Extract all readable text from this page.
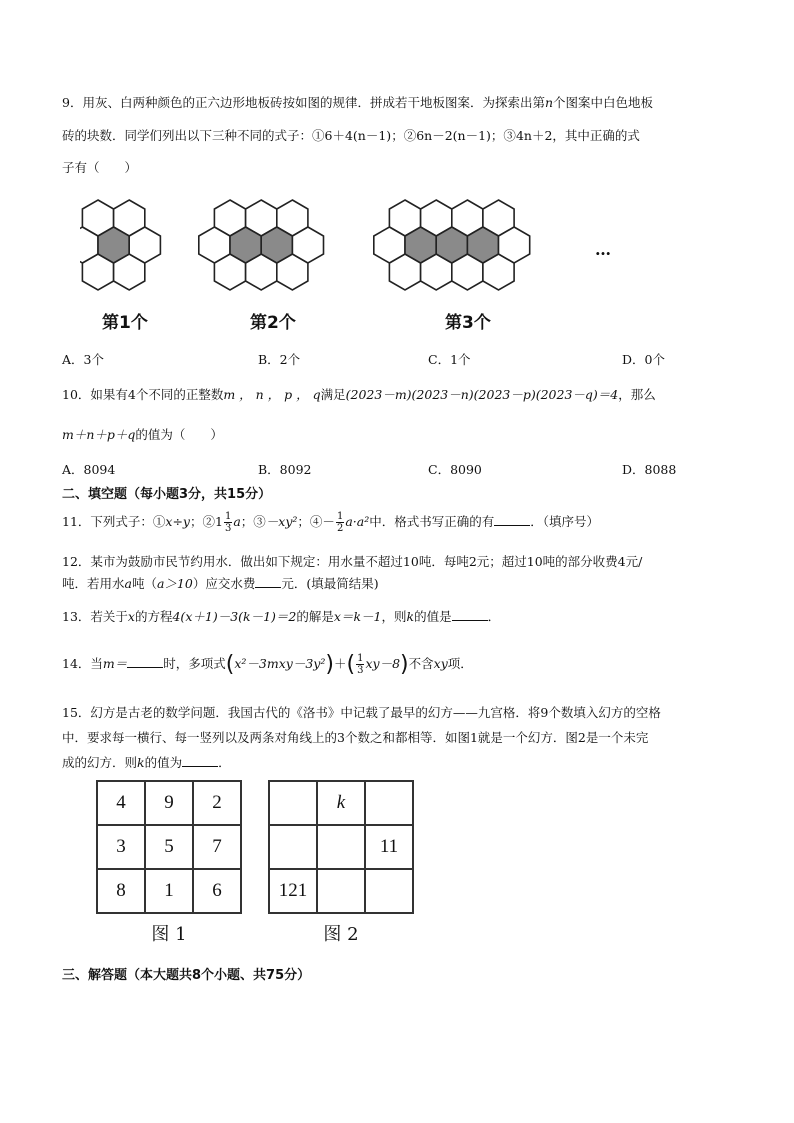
9．用灰、白两种颜色的正六边形地板砖按如图的规律．拼成若干地板图案．为探索出第n个图案中白色地板
砖的块数．同学们列出以下三种不同的式子：①6＋4(n－1)；②6n－2(n－1)；③4n＋2，其中正确的式
子有（　　）
第1个	第2个	第3个
…
A．3个	B．2个	C．1个	D．0个
10．如果有4个不同的正整数m ， n ， p ， q满足(2023－m)(2023－n)(2023－p)(2023－q)＝4，那么
m＋n＋p＋q的值为（　　）
A．8094	B．8092	C．8090	D．8088
二、填空题（每小题3分，共15分）
11．下列式子：①x÷y；②1 $\frac{1}{3}$ a；③－xy²；④－ $\frac{1}{2} a\cdot a^2$中．格式书写正确的有	．（填序号）
12．某市为鼓励市民节约用水．做出如下规定：用水量不超过10吨．每吨2元；超过10吨的部分收费4元/
吨．若用水a吨（a＞10）应交水费 元．(填最简结果)
13．若关于x的方程4(x＋1)－3(k－1)＝2的解是x＝k－1，则k的值是	．
14．当m＝	时，多项式$(x^2-3mxy-3y^2)+( \frac{1}{3} xy-8)$不含xy项．
15．幻方是古老的数学问题．我国古代的《洛书》中记载了最早的幻方——九宫格．将9个数填入幻方的空格
中．要求每一横行、每一竖列以及两条对角线上的3个数之和都相等．如图1就是一个幻方．图2是一个未完
成的幻方．则k的值为	．
4	9	2
3	5	7
8	1	6
图 1
	k	
		11
121		
图 2
三、解答题（本大题共8个小题、共75分）
